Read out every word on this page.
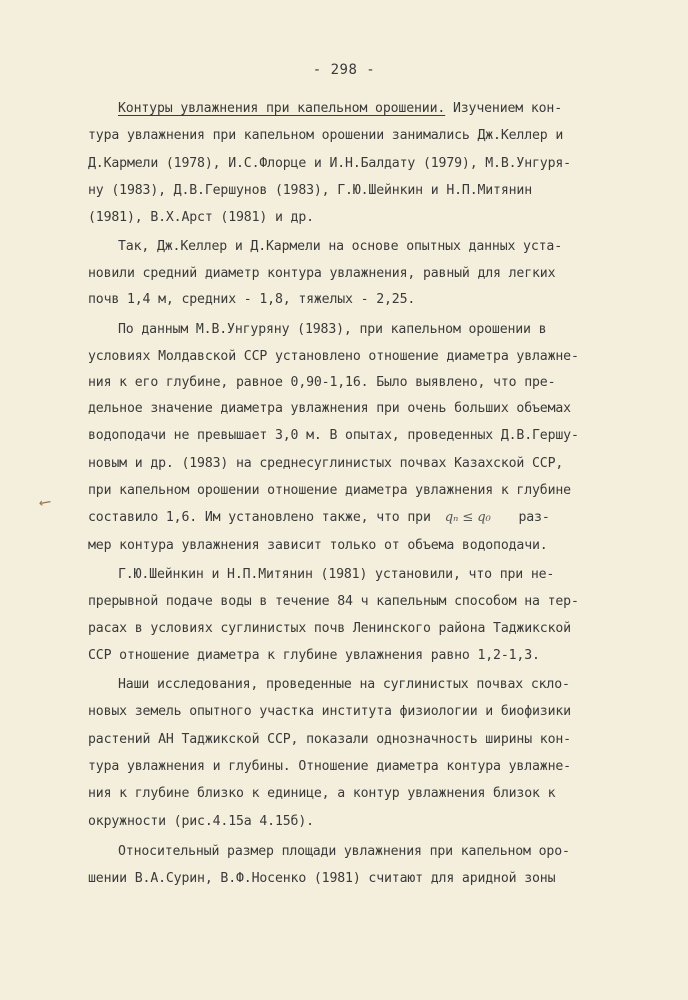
- 298 -
Контуры увлажнения при капельном орошении. Изучением кон-
тура увлажнения при капельном орошении занимались Дж.Келлер и
Д.Кармели (1978), И.С.Флорце и И.Н.Балдату (1979), М.В.Унгуря-
ну (1983), Д.В.Гершунов (1983), Г.Ю.Шейнкин и Н.П.Митянин
(1981), В.Х.Арст (1981) и др.
Так, Дж.Келлер и Д.Кармели на основе опытных данных уста-
новили средний диаметр контура увлажнения, равный для легких
почв 1,4 м, средних - 1,8, тяжелых - 2,25.
По данным М.В.Унгуряну (1983), при капельном орошении в
условиях Молдавской ССР установлено отношение диаметра увлажне-
ния к его глубине, равное 0,90-1,16. Было выявлено, что пре-
дельное значение диаметра увлажнения при очень больших объемах
водоподачи не превышает 3,0 м. В опытах, проведенных Д.В.Гершу-
новым и др. (1983) на среднесуглинистых почвах Казахской ССР,
при капельном орошении отношение диаметра увлажнения к глубине
составило 1,6. Им установлено также, что при qₙ ≤ q₀ раз-
мер контура увлажнения зависит только от объема водоподачи.
Г.Ю.Шейнкин и Н.П.Митянин (1981) установили, что при не-
прерывной подаче воды в течение 84 ч капельным способом на тер-
расах в условиях суглинистых почв Ленинского района Таджикской
ССР отношение диаметра к глубине увлажнения равно 1,2-1,3.
Наши исследования, проведенные на суглинистых почвах скло-
новых земель опытного участка института физиологии и биофизики
растений АН Таджикской ССР, показали однозначность ширины кон-
тура увлажнения и глубины. Отношение диаметра контура увлажне-
ния к глубине близко к единице, а контур увлажнения близок к
окружности (рис.4.15а 4.15б).
Относительный размер площади увлажнения при капельном оро-
шении В.А.Сурин, В.Ф.Носенко (1981) считают для аридной зоны
⟵
